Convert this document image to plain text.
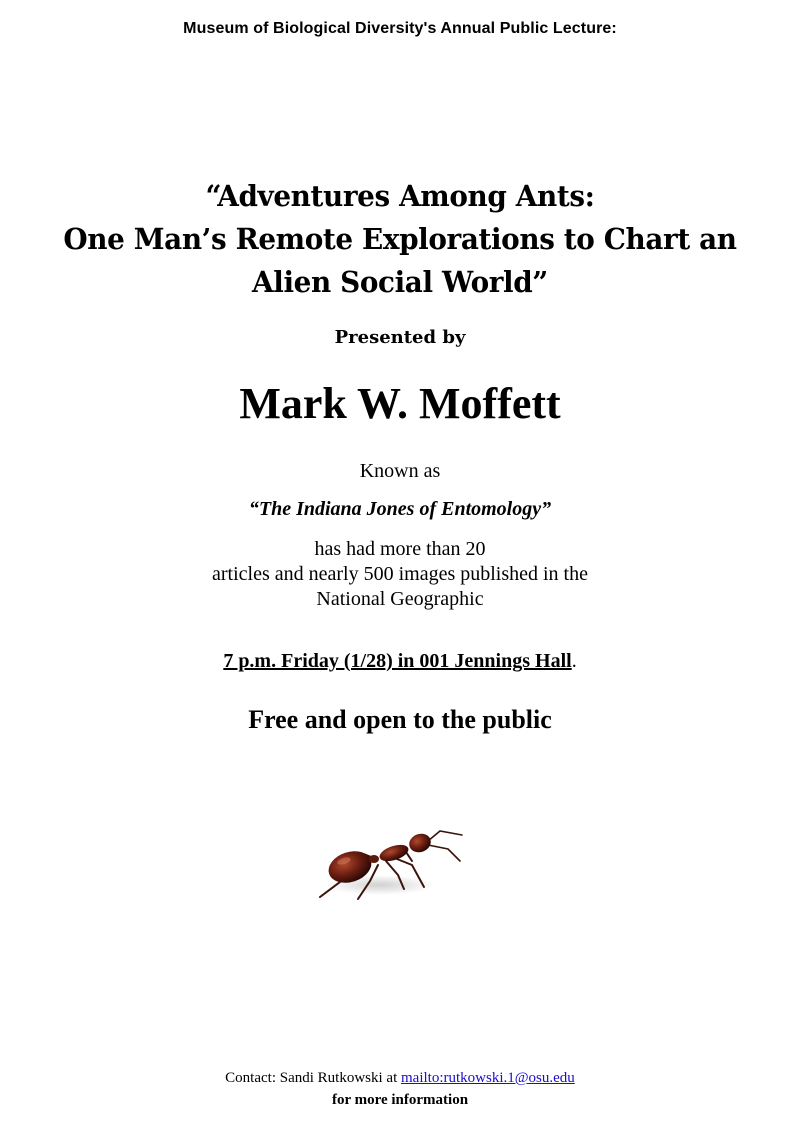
Museum of Biological Diversity's Annual Public Lecture:
“Adventures Among Ants:
One Man’s Remote Explorations to Chart an
Alien Social World”
Presented by
Mark W. Moffett
Known as
“The Indiana Jones of Entomology”
has had more than 20
articles and nearly 500 images published in the
National Geographic
7 p.m. Friday (1/28) in 001 Jennings Hall.
Free and open to the public
Contact: Sandi Rutkowski at mailto:rutkowski.1@osu.edu
for more information
